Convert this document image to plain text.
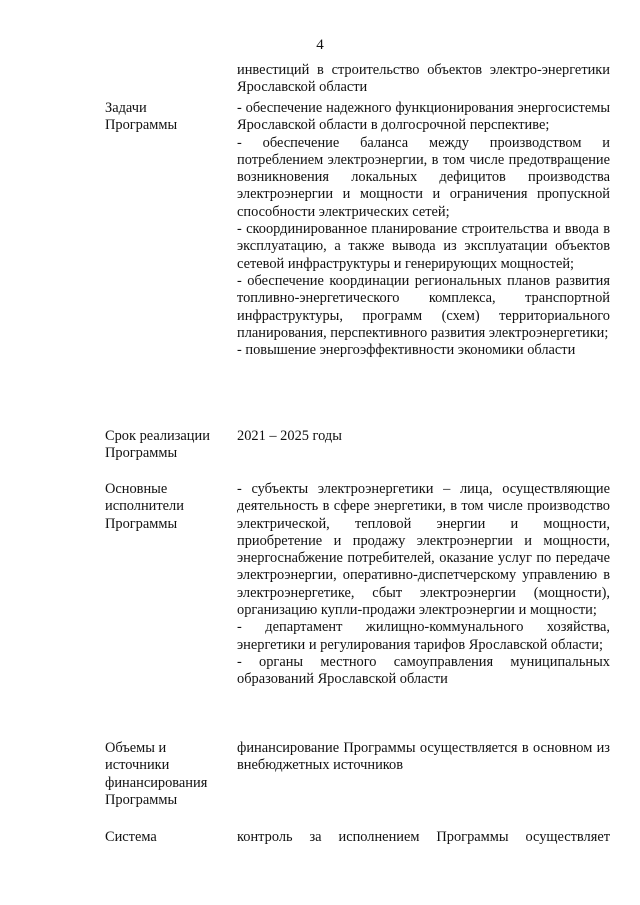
4
инвестиций в строительство объектов электро-энергетики Ярославской области
Задачи
Программы
- обеспечение надежного функционирования энергосистемы Ярославской области в долгосрочной перспективе;
- обеспечение баланса между производством и потреблением электроэнергии, в том числе предотвращение возникновения локальных дефицитов производства электроэнергии и мощности и ограничения пропускной способности электрических сетей;
- скоординированное планирование строительства и ввода в эксплуатацию, а также вывода из эксплуатации объектов сетевой инфраструктуры и генерирующих мощностей;
- обеспечение координации региональных планов развития топливно-энергетического комплекса, транспортной инфраструктуры, программ (схем) территориального планирования, перспективного развития электроэнергетики;
- повышение энергоэффективности экономики области
Срок реализации
Программы
2021 – 2025 годы
Основные
исполнители
Программы
- субъекты электроэнергетики – лица, осуществляющие деятельность в сфере энергетики, в том числе производство электрической, тепловой энергии и мощности, приобретение и продажу электроэнергии и мощности, энергоснабжение потребителей, оказание услуг по передаче электроэнергии, оперативно-диспетчерскому управлению в электроэнергетике, сбыт электроэнергии (мощности), организацию купли-продажи электроэнергии и мощности;
- департамент жилищно-коммунального хозяйства, энергетики и регулирования тарифов Ярославской области;
- органы местного самоуправления муниципальных образований Ярославской области
Объемы и
источники
финансирования
Программы
финансирование Программы осуществляется в основном из внебюджетных источников
Система	контроль за исполнением Программы осуществляет
